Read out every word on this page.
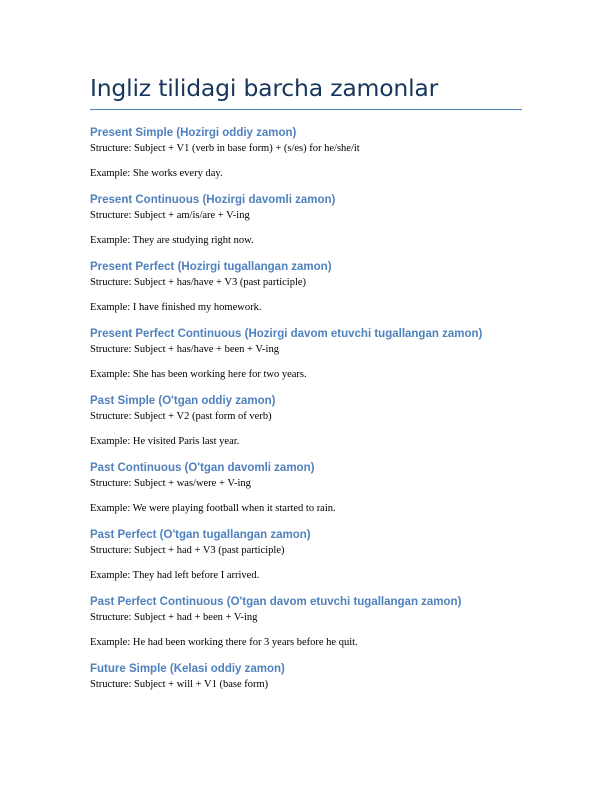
Ingliz tilidagi barcha zamonlar
Present Simple (Hozirgi oddiy zamon)

Structure: Subject + V1 (verb in base form) + (s/es) for he/she/it

Example: She works every day.

Present Continuous (Hozirgi davomli zamon)

Structure: Subject + am/is/are + V-ing

Example: They are studying right now.

Present Perfect (Hozirgi tugallangan zamon)

Structure: Subject + has/have + V3 (past participle)

Example: I have finished my homework.

Present Perfect Continuous (Hozirgi davom etuvchi tugallangan zamon)

Structure: Subject + has/have + been + V-ing

Example: She has been working here for two years.

Past Simple (O'tgan oddiy zamon)

Structure: Subject + V2 (past form of verb)

Example: He visited Paris last year.

Past Continuous (O'tgan davomli zamon)

Structure: Subject + was/were + V-ing

Example: We were playing football when it started to rain.

Past Perfect (O'tgan tugallangan zamon)

Structure: Subject + had + V3 (past participle)

Example: They had left before I arrived.

Past Perfect Continuous (O'tgan davom etuvchi tugallangan zamon)

Structure: Subject + had + been + V-ing

Example: He had been working there for 3 years before he quit.

Future Simple (Kelasi oddiy zamon)

Structure: Subject + will + V1 (base form)
